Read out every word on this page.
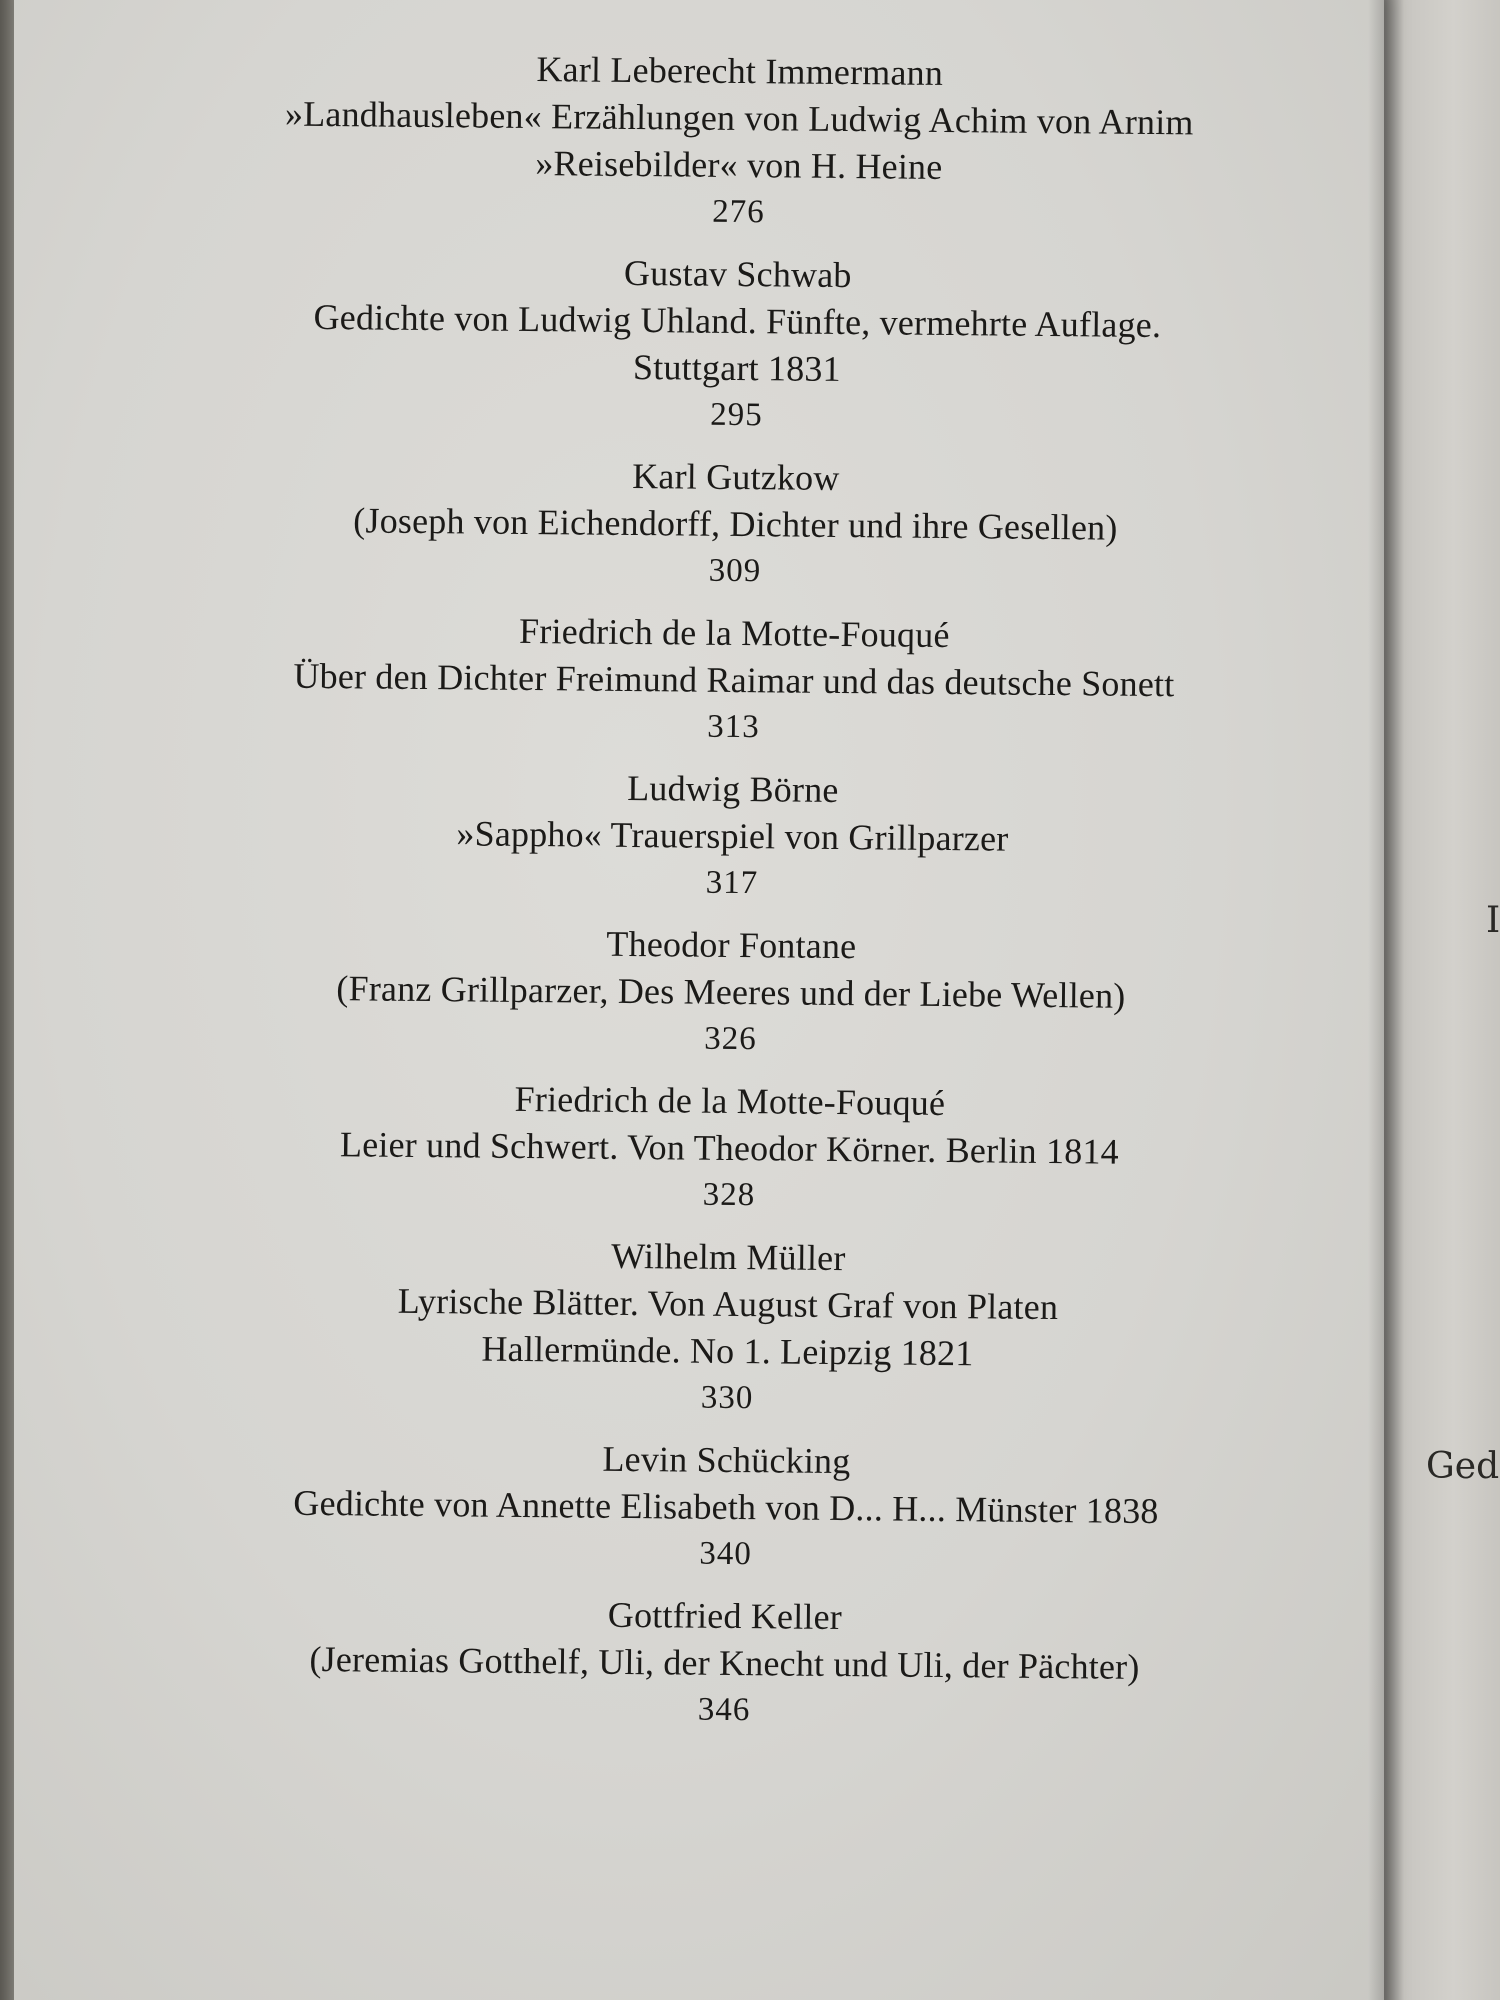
I
Ged
Karl Leberecht Immermann
»Landhausleben« Erzählungen von Ludwig Achim von Arnim
»Reisebilder« von H. Heine
276
Gustav Schwab
Gedichte von Ludwig Uhland. Fünfte, vermehrte Auflage.
Stuttgart 1831
295
Karl Gutzkow
(Joseph von Eichendorff, Dichter und ihre Gesellen)
309
Friedrich de la Motte-Fouqué
Über den Dichter Freimund Raimar und das deutsche Sonett
313
Ludwig Börne
»Sappho« Trauerspiel von Grillparzer
317
Theodor Fontane
(Franz Grillparzer, Des Meeres und der Liebe Wellen)
326
Friedrich de la Motte-Fouqué
Leier und Schwert. Von Theodor Körner. Berlin 1814
328
Wilhelm Müller
Lyrische Blätter. Von August Graf von Platen
Hallermünde. No 1. Leipzig 1821
330
Levin Schücking
Gedichte von Annette Elisabeth von D... H... Münster 1838
340
Gottfried Keller
(Jeremias Gotthelf, Uli, der Knecht und Uli, der Pächter)
346
